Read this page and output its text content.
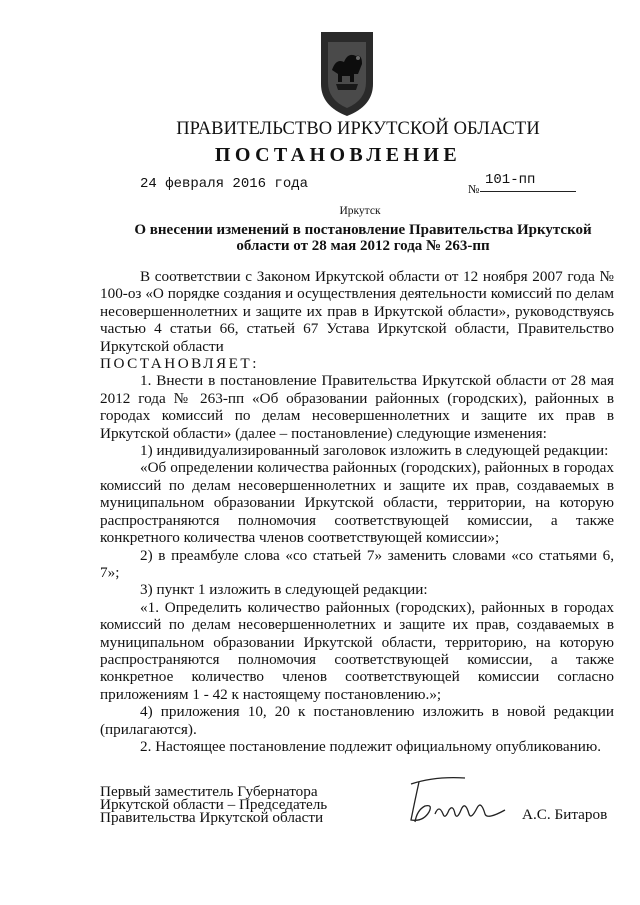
ПРАВИТЕЛЬСТВО ИРКУТСКОЙ ОБЛАСТИ
ПОСТАНОВЛЕНИЕ
24 февраля 2016 года	№
101-пп
Иркутск
О внесении изменений в постановление Правительства Иркутской области от 28 мая 2012 года № 263-пп

В соответствии с Законом Иркутской области от 12 ноября 2007 года № 100-оз «О порядке создания и осуществления деятельности комиссий по делам несовершеннолетних и защите их прав в Иркутской области», руководствуясь частью 4 статьи 66, статьей 67 Устава Иркутской области, Правительство Иркутской области

ПОСТАНОВЛЯЕТ:

1. Внести в постановление Правительства Иркутской области от 28 мая 2012 года № 263-пп «Об образовании районных (городских), районных в городах комиссий по делам несовершеннолетних и защите их прав в Иркутской области» (далее – постановление) следующие изменения:

1) индивидуализированный заголовок изложить в следующей редакции:

«Об определении количества районных (городских), районных в городах комиссий по делам несовершеннолетних и защите их прав, создаваемых в муниципальном образовании Иркутской области, территории, на которую распространяются полномочия соответствующей комиссии, а также конкретного количества членов соответствующей комиссии»;

2) в преамбуле слова «со статьей 7» заменить словами «со статьями 6, 7»;

3) пункт 1 изложить в следующей редакции:

«1. Определить количество районных (городских), районных в городах комиссий по делам несовершеннолетних и защите их прав, создаваемых в муниципальном образовании Иркутской области, территорию, на которую распространяются полномочия соответствующей комиссии, а также конкретное количество членов соответствующей комиссии согласно приложениям 1 - 42 к настоящему постановлению.»;

4) приложения 10, 20 к постановлению изложить в новой редакции (прилагаются).

2. Настоящее постановление подлежит официальному опубликованию.

Первый заместитель Губернатора
Иркутской области – Председатель
Правительства Иркутской области	А.С. Битаров
